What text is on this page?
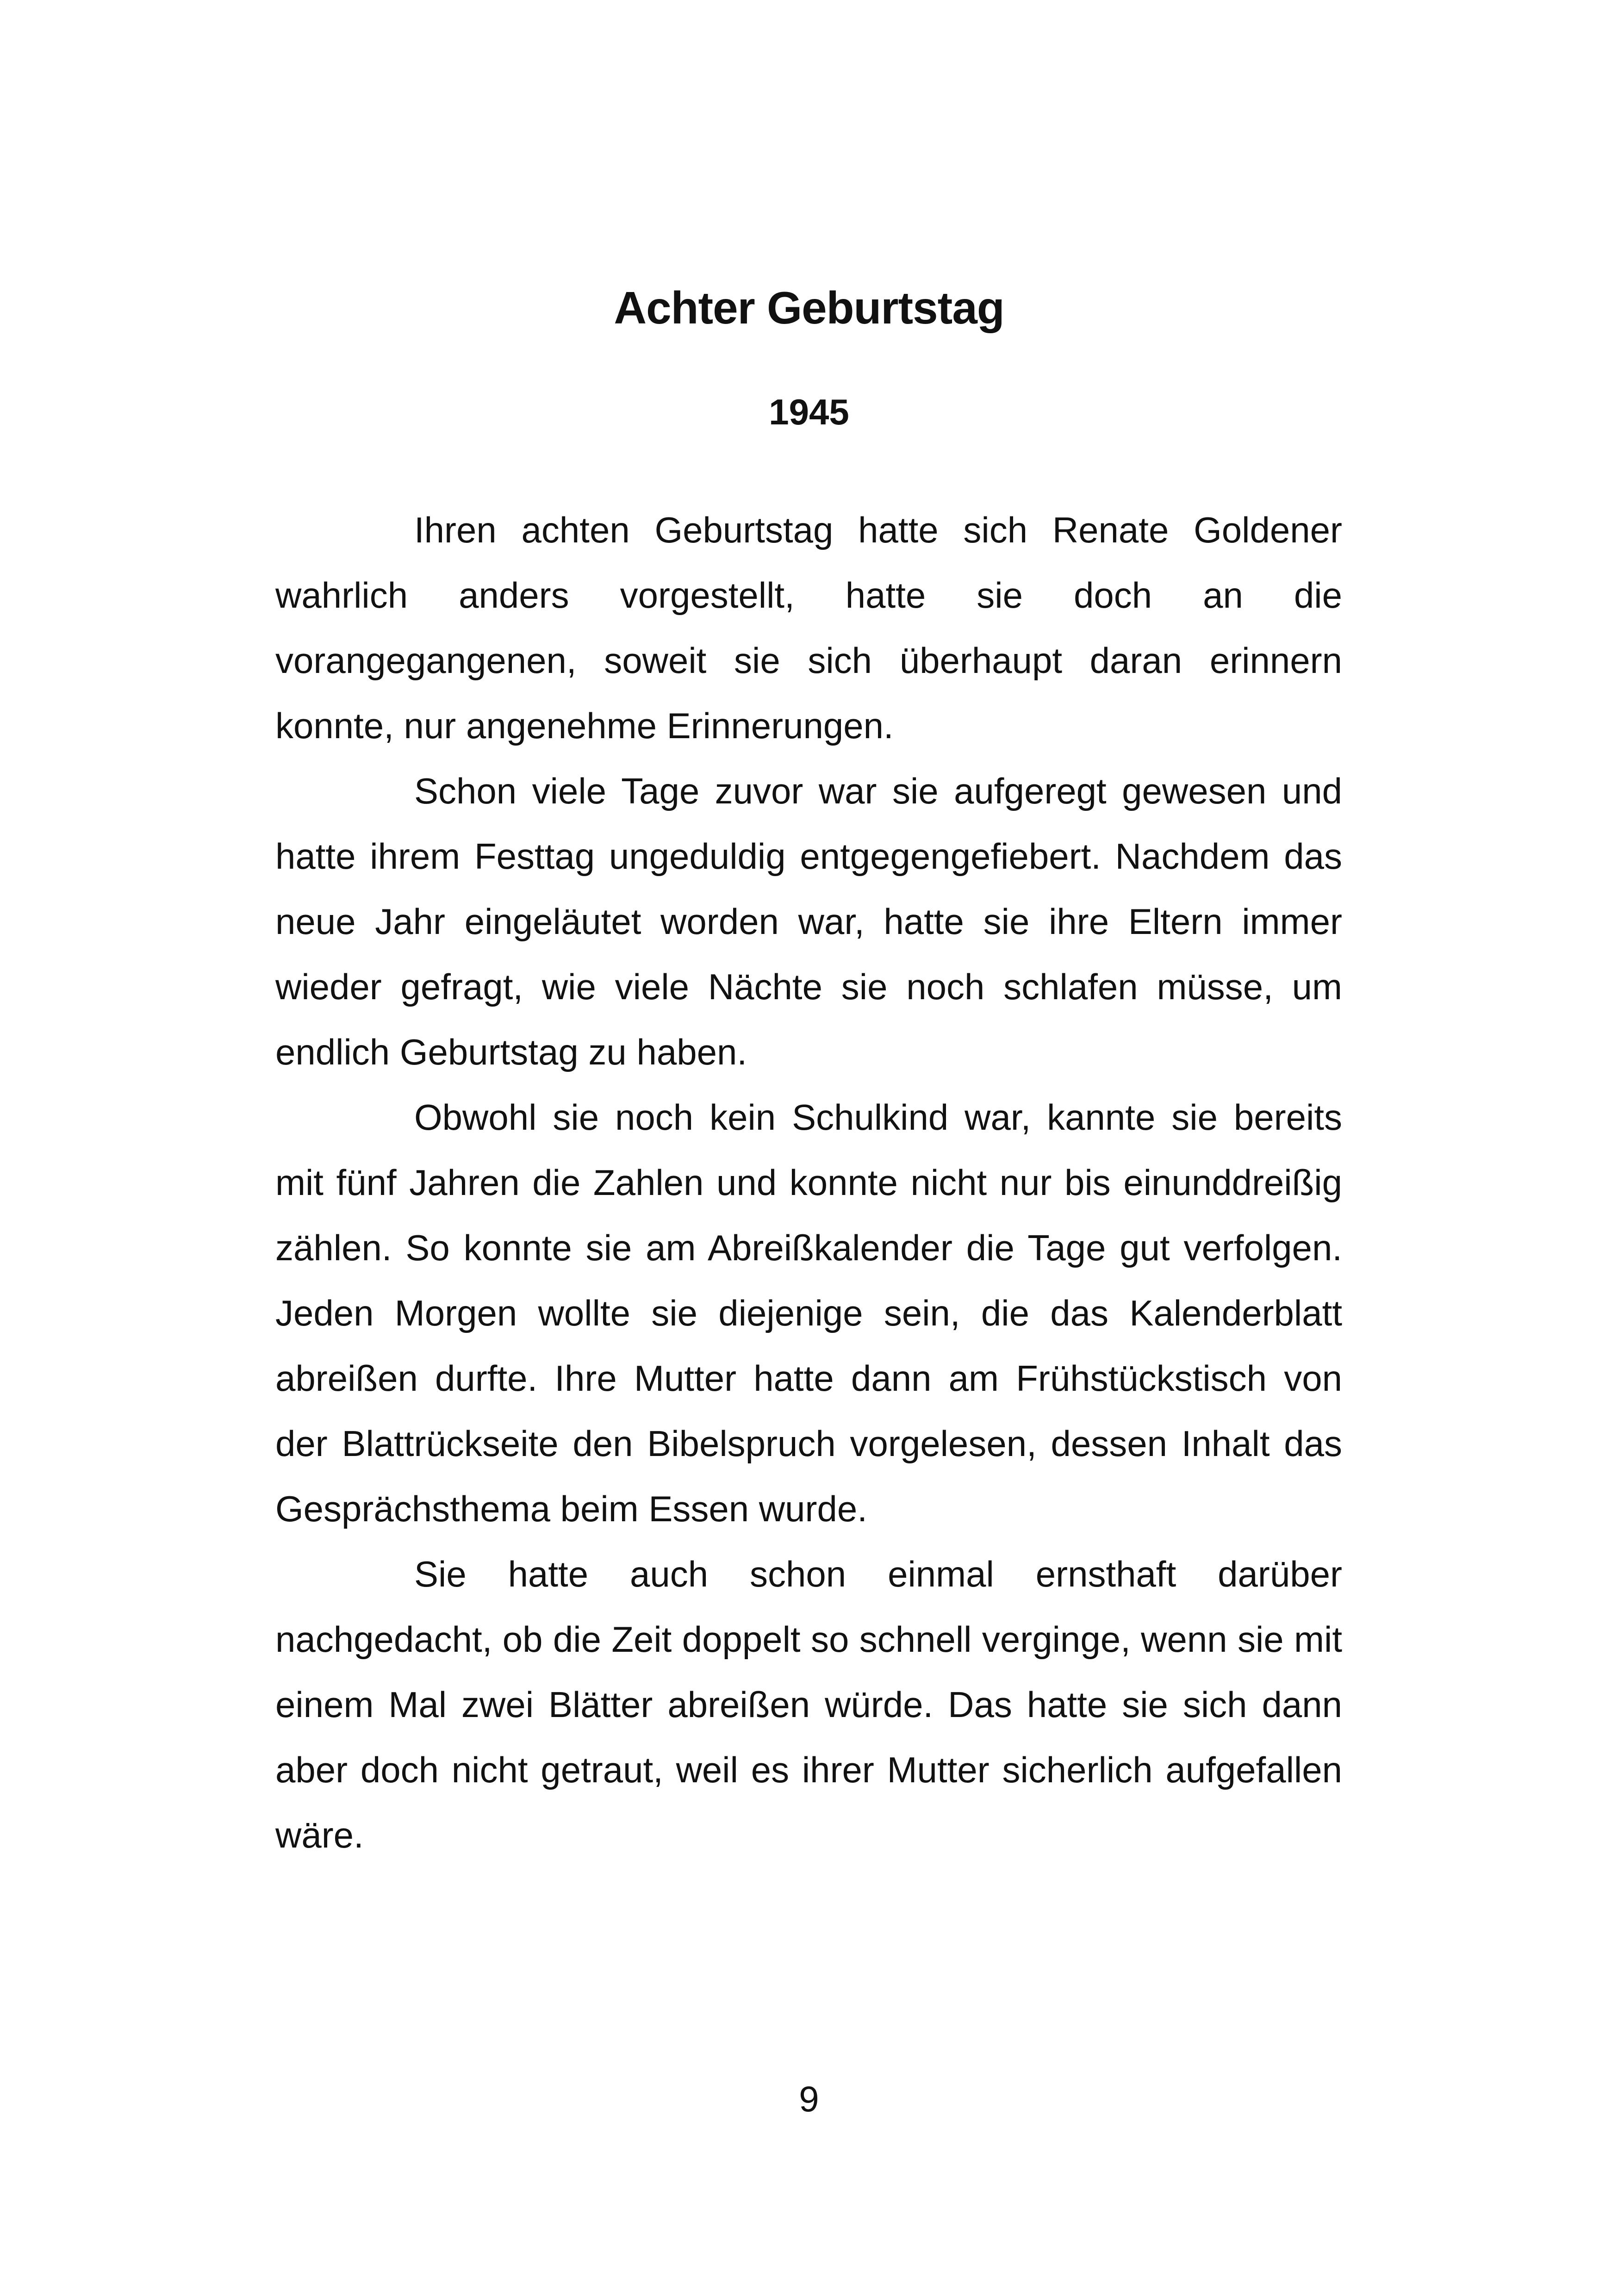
Achter Geburtstag
1945

Ihren achten Geburtstag hatte sich Renate Goldener wahrlich anders vorgestellt, hatte sie doch an die vorangegangenen, soweit sie sich überhaupt daran erinnern konnte, nur angenehme Erinnerungen.

Schon viele Tage zuvor war sie aufgeregt gewesen und hatte ihrem Festtag ungeduldig entgegengefiebert. Nachdem das neue Jahr eingeläutet worden war, hatte sie ihre Eltern immer wieder gefragt, wie viele Nächte sie noch schlafen müsse, um endlich Geburtstag zu haben.

Obwohl sie noch kein Schulkind war, kannte sie bereits mit fünf Jahren die Zahlen und konnte nicht nur bis einunddreißig zählen. So konnte sie am Abreißkalender die Tage gut verfolgen. Jeden Morgen wollte sie diejenige sein, die das Kalenderblatt abreißen durfte. Ihre Mutter hatte dann am Frühstückstisch von der Blattrückseite den Bibelspruch vorgelesen, dessen Inhalt das Gesprächsthema beim Essen wurde.

Sie hatte auch schon einmal ernsthaft darüber nachgedacht, ob die Zeit doppelt so schnell verginge, wenn sie mit einem Mal zwei Blätter abreißen würde. Das hatte sie sich dann aber doch nicht getraut, weil es ihrer Mutter sicherlich aufgefallen wäre.

9
